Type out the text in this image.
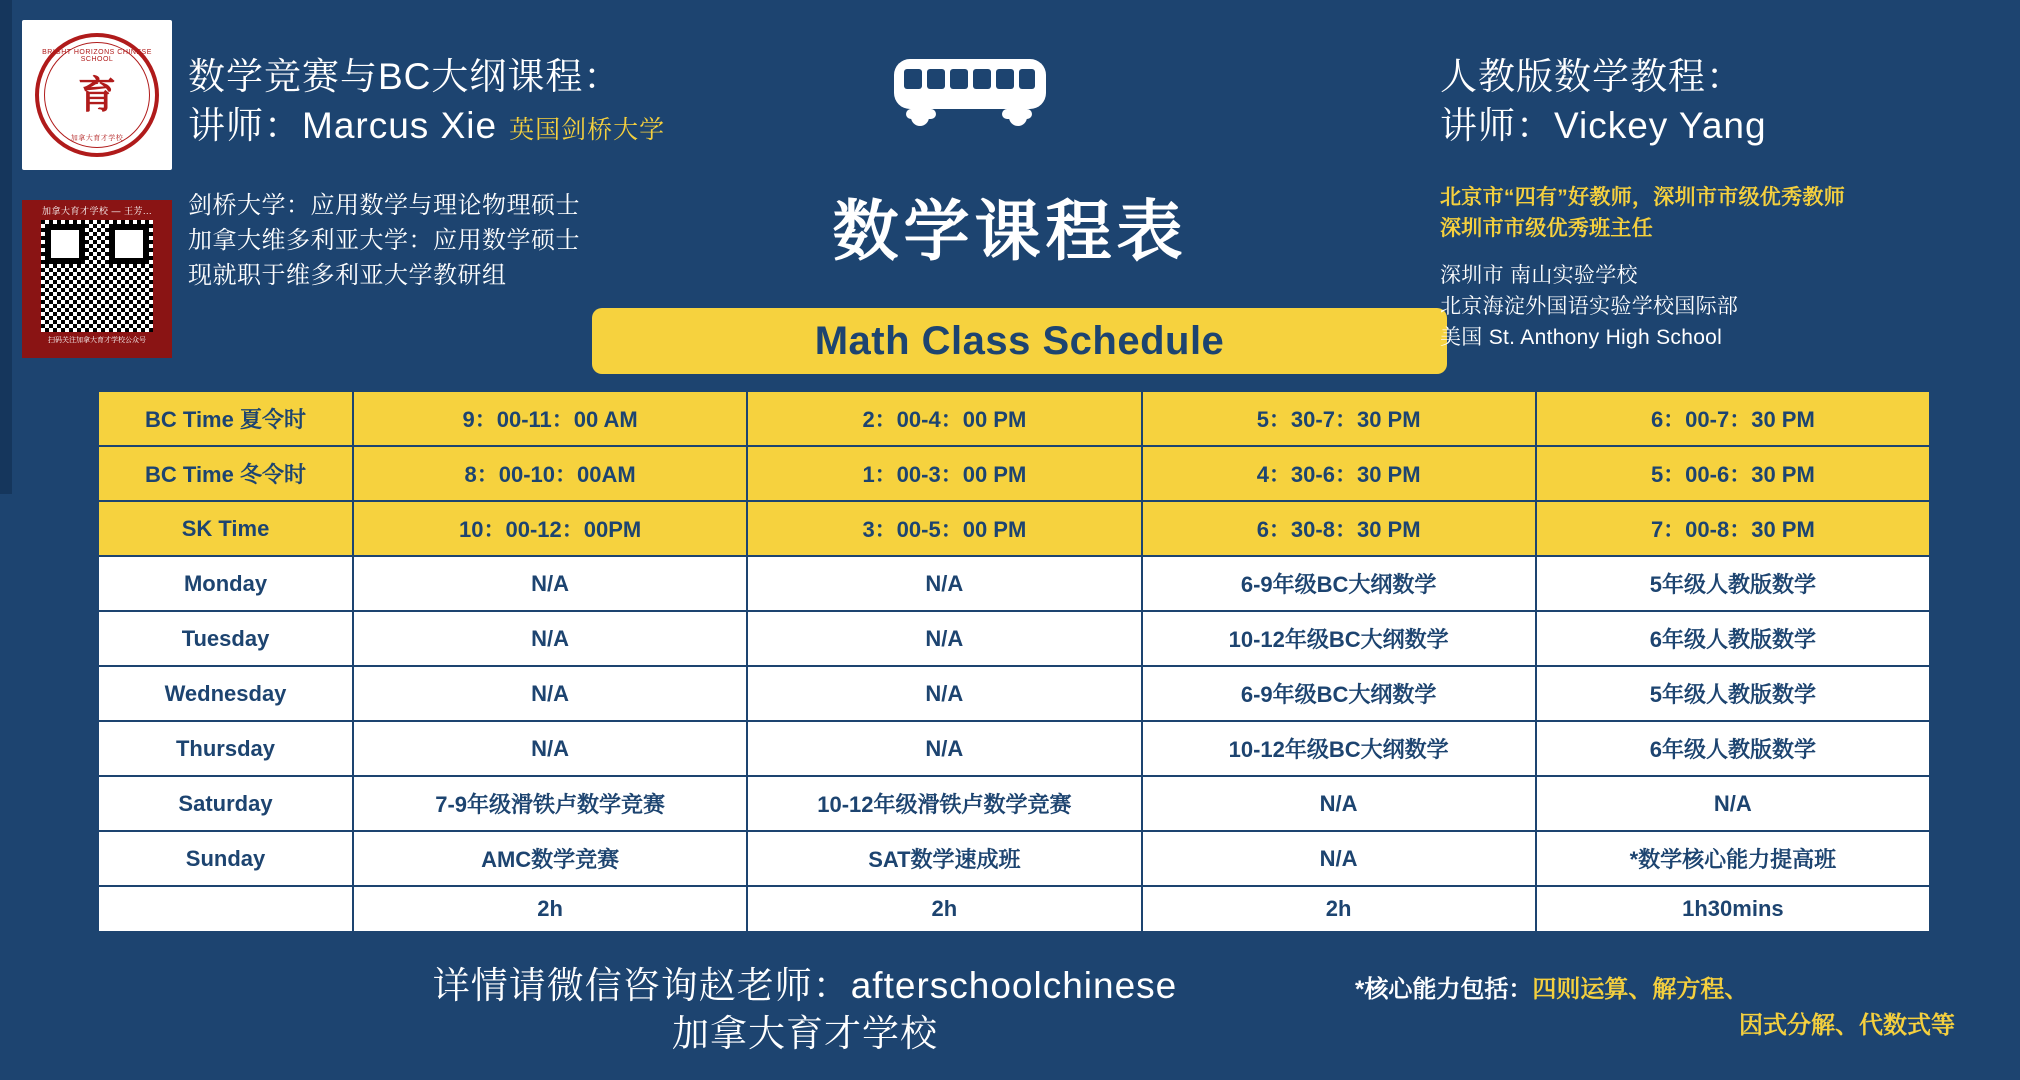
BRIGHT HORIZONS CHINESE SCHOOL
育
加拿大育才学校
加拿大育才学校 — 王芳...
扫码关注加拿大育才学校公众号
数学竞赛与BC大纲课程：
讲师：Marcus Xie 英国剑桥大学
剑桥大学：应用数学与理论物理硕士
加拿大维多利亚大学：应用数学硕士
现就职于维多利亚大学教研组
数学课程表
Math Class Schedule
人教版数学教程：
讲师：Vickey Yang
北京市“四有”好教师，深圳市市级优秀教师
深圳市市级优秀班主任
深圳市 南山实验学校
北京海淀外国语实验学校国际部
美国 St. Anthony High School
BC Time 夏令时	9：00-11：00 AM	2：00-4：00 PM	5：30-7：30 PM	6：00-7：30 PM
BC Time 冬令时	8：00-10：00AM	1：00-3：00 PM	4：30-6：30 PM	5：00-6：30 PM
SK Time	10：00-12：00PM	3：00-5：00 PM	6：30-8：30 PM	7：00-8：30 PM
Monday	N/A	N/A	6-9年级BC大纲数学	5年级人教版数学
Tuesday	N/A	N/A	10-12年级BC大纲数学	6年级人教版数学
Wednesday	N/A	N/A	6-9年级BC大纲数学	5年级人教版数学
Thursday	N/A	N/A	10-12年级BC大纲数学	6年级人教版数学
Saturday	7-9年级滑铁卢数学竞赛	10-12年级滑铁卢数学竞赛	N/A	N/A
Sunday	AMC数学竞赛	SAT数学速成班	N/A	*数学核心能力提高班
	2h	2h	2h	1h30mins
详情请微信咨询赵老师：afterschoolchinese
加拿大育才学校
*核心能力包括：四则运算、解方程、
因式分解、代数式等
